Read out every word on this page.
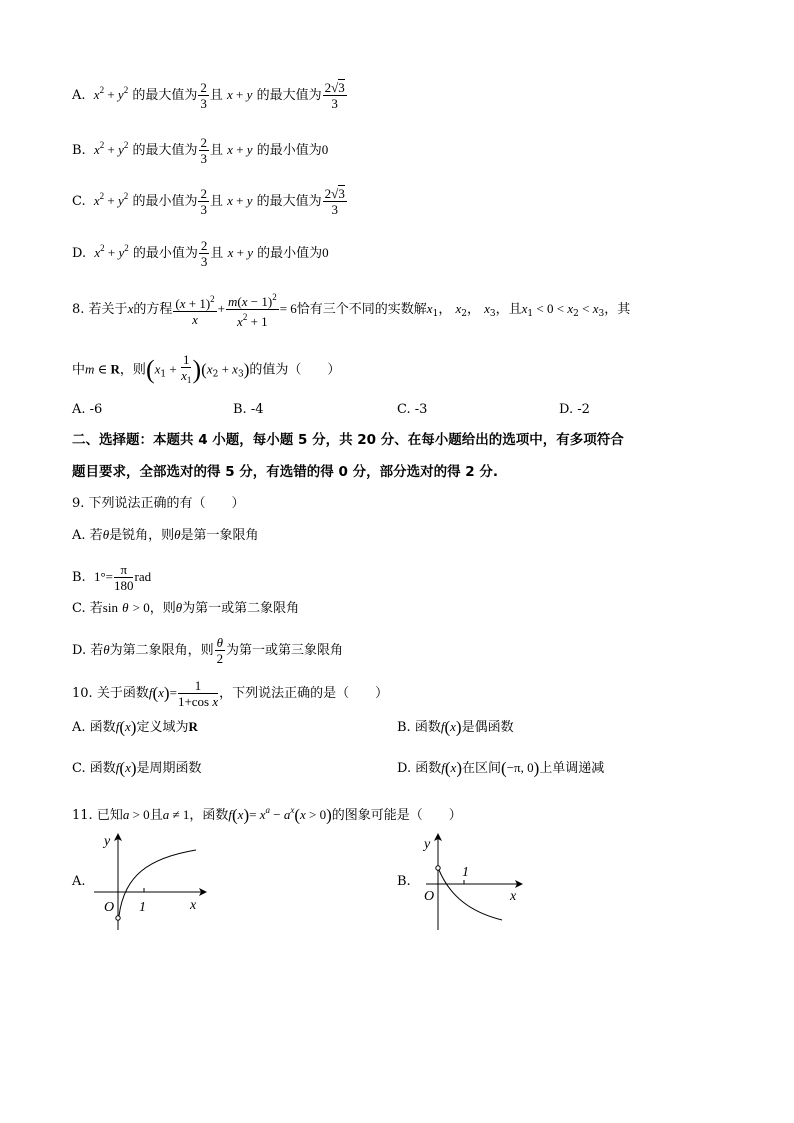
A. $x^2 + y^2$ 的最大值为 $\frac{2}{3}$ 且 x + y 的最大值为 $\frac{2√3}{3}$
B. $x^2 + y^2$ 的最大值为 $\frac{2}{3}$ 且 x + y 的最小值为0
C. $x^2 + y^2$ 的最小值为 $\frac{2}{3}$ 且 x + y 的最大值为 $\frac{2√3}{3}$
D. $x^2 + y^2$ 的最小值为 $\frac{2}{3}$ 且 x + y 的最小值为0
8. 若关于x的方程 $\frac{(x + 1)^2}{x} + \frac{m(x - 1)^2}{x^2 + 1} = 6$恰有三个不同的实数解$x_1$， $x_2$， $x_3$，且$x_1 < 0 < x_2 < x_3$，其
中m ∈ R，则$(x_1 + \frac{1}{x_1} )(x_2 + x_3)$的值为（　　）
A. -6	B. -4	C. -3	D. -2
二、选择题：本题共 4 小题，每小题 5 分，共 20 分、在每小题给出的选项中，有多项符合
题目要求，全部选对的得 5 分，有选错的得 0 分，部分选对的得 2 分.
9. 下列说法正确的有（　　）
A. 若θ是锐角，则θ是第一象限角
B. $1^\circ= \frac{\pi}{180}$ rad
C. 若sin θ > 0，则θ为第一或第二象限角
D. 若θ为第二象限角，则 $\frac{\theta}{2}$ 为第一或第三象限角
10. 关于函数$f(x)= \frac{1}{\text{1+cos x}}$ ，下列说法正确的是（　　）
A. 函数f(x)定义域为R	B. 函数f(x)是偶函数
C. 函数f(x)是周期函数	D. 函数f(x)在区间(−π, 0)上单调递减
11. 已知a > 0且a ≠ 1，函数$f(x)= x^a - a^x(x > 0)$的图象可能是（　　）
A.
y
O 1	x
B.
y
O
1
x
